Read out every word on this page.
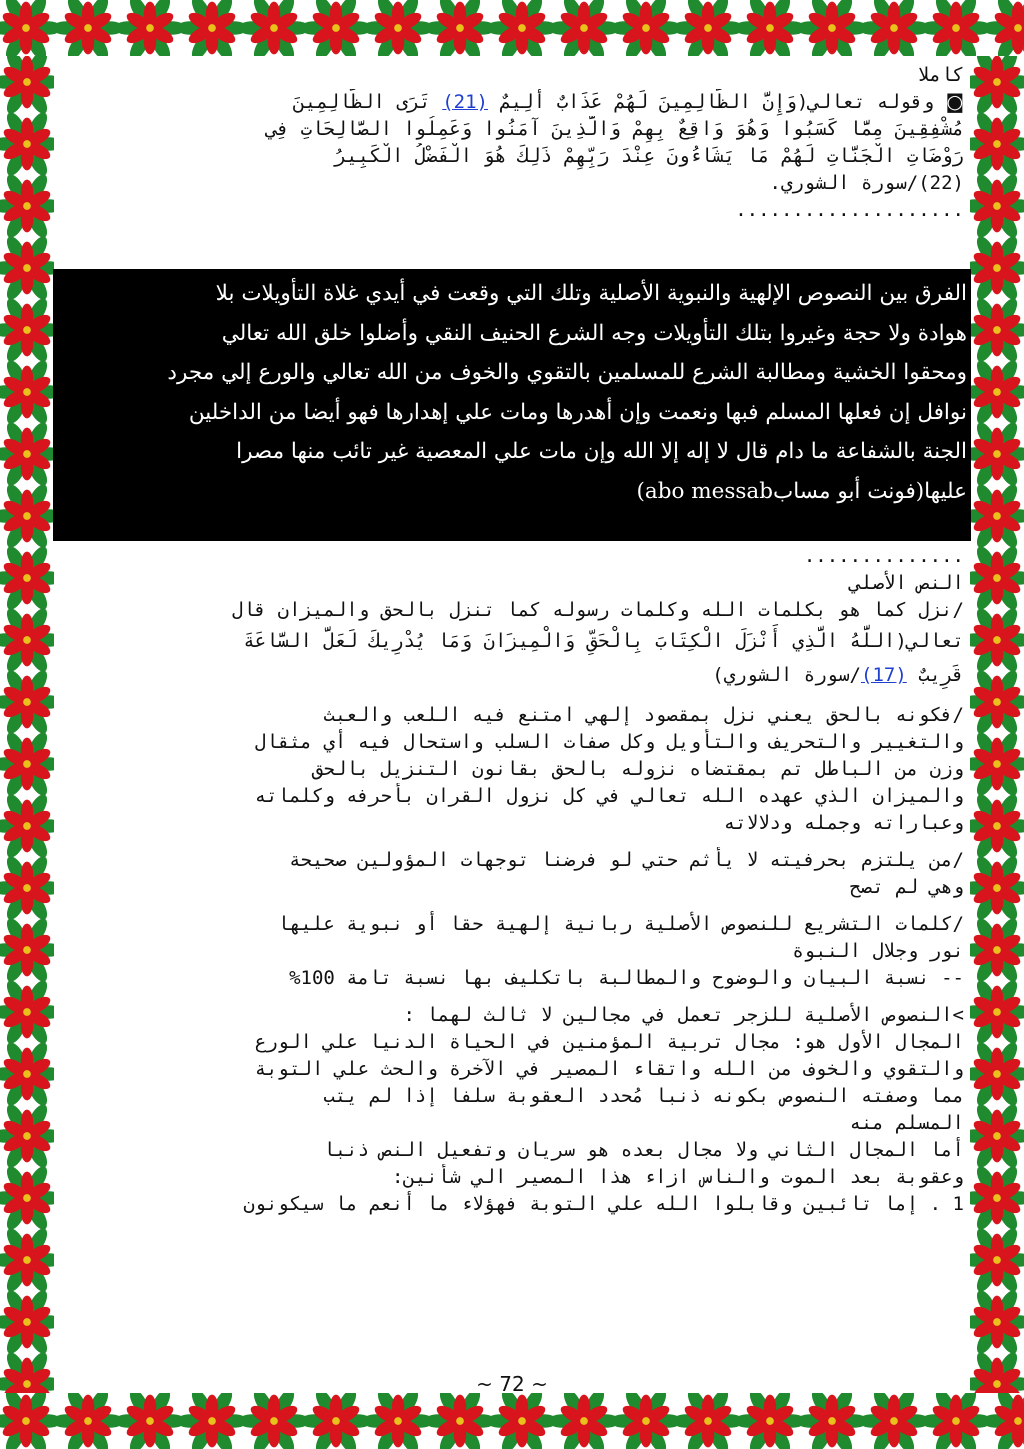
كاملا
◙ وقوله تعالي(وَإِنَّ الظَّالِمِينَ لَهُمْ عَذَابٌ أَلِيمٌ (21) تَرَى الظَّالِمِينَ
مُشْفِقِينَ مِمَّا كَسَبُوا وَهُوَ وَاقِعٌ بِهِمْ وَالَّذِينَ آمَنُوا وَعَمِلُوا الصَّالِحَاتِ فِي
رَوْضَاتِ الْجَنَّاتِ لَهُمْ مَا يَشَاءُونَ عِنْدَ رَبِّهِمْ ذَلِكَ هُوَ الْفَضْلُ الْكَبِيرُ
(22)/سورة الشوري.
....................
الفرق بين النصوص الإلهية والنبوية الأصلية وتلك التي وقعت في أيدي غلاة التأويلات بلا
هوادة ولا حجة وغيروا بتلك التأويلات وجه الشرع الحنيف النقي وأضلوا خلق الله تعالي
ومحقوا الخشية ومطالبة الشرع للمسلمين بالتقوي والخوف من الله تعالي والورع إلي مجرد
نوافل إن فعلها المسلم فبها ونعمت وإن أهدرها ومات علي إهدارها فهو أيضا من الداخلين
الجنة بالشفاعة ما دام قال لا إله إلا الله وإن مات علي المعصية غير تائب منها مصرا
عليها(فونت أبو مسابabo messab)
..............
النص الأصلي
/نزل كما هو بكلمات الله وكلمات رسوله كما تنزل بالحق والميزان قال
تعالي(اللَّهُ الَّذِي أَنْزَلَ الْكِتَابَ بِالْحَقِّ وَالْمِيزَانَ وَمَا يُدْرِيكَ لَعَلَّ السَّاعَةَ
قَرِيبٌ (17)/سورة الشوري)
/فكونه بالحق يعني نزل بمقصود إلهي امتنع فيه اللعب والعبث
والتغيير والتحريف والتأويل وكل صفات السلب واستحال فيه أي مثقال
وزن من الباطل تم بمقتضاه نزوله بالحق بقانون التنزيل بالحق
والميزان الذي عهده الله تعالي في كل نزول القران بأحرفه وكلماته
وعباراته وجمله ودلالاته
/من يلتزم بحرفيته لا يأثم حتي لو فرضنا توجهات المؤولين صحيحة
وهي لم تصح
/كلمات التشريع للنصوص الأصلية ربانية إلهية حقا أو نبوية عليها
نور وجلال النبوة
-- نسبة البيان والوضوح والمطالبة باتكليف بها نسبة تامة 100%
>النصوص الأصلية للزجر تعمل في مجالين لا ثالث لهما :
المجال الأول هو: مجال تربية المؤمنين في الحياة الدنيا علي الورع
والتقوي والخوف من الله واتقاء المصير في الآخرة والحث علي التوبة
مما وصفته النصوص بكونه ذنبا مُحدد العقوبة سلفا إذا لم يتب
المسلم منه
أما المجال الثاني ولا مجال بعده هو سريان وتفعيل النص ذنبا
وعقوبة بعد الموت والناس ازاء هذا المصير الي شأنين:
1 . إما تائبين وقابلوا الله علي التوبة فهؤلاء ما أنعم ما سيكونون
~ 72 ~
